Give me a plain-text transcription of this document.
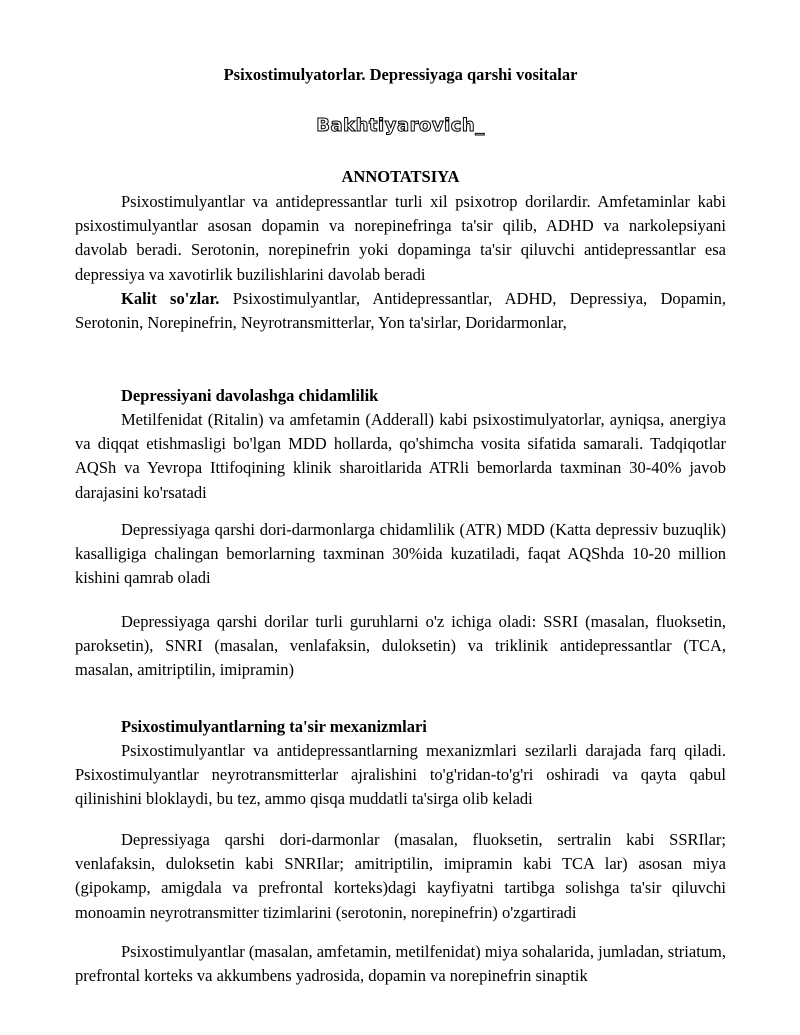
Psixostimulyatorlar. Depressiyaga qarshi vositalar
Bakhtiyarovich_
ANNOTATSIYA

Psixostimulyantlar va antidepressantlar turli xil psixotrop dorilardir. Amfetaminlar kabi psixostimulyantlar asosan dopamin va norepinefringa ta'sir qilib, ADHD va narkolepsiyani davolab beradi. Serotonin, norepinefrin yoki dopaminga ta'sir qiluvchi antidepressantlar esa depressiya va xavotirlik buzilishlarini davolab beradi

Kalit so'zlar. Psixostimulyantlar, Antidepressantlar, ADHD, Depressiya, Dopamin, Serotonin, Norepinefrin, Neyrotransmitterlar, Yon ta'sirlar, Doridarmonlar,

Depressiyani davolashga chidamlilik

Metilfenidat (Ritalin) va amfetamin (Adderall) kabi psixostimulyatorlar, ayniqsa, anergiya va diqqat etishmasligi bo'lgan MDD hollarda, qo'shimcha vosita sifatida samarali. Tadqiqotlar AQSh va Yevropa Ittifoqining klinik sharoitlarida ATRli bemorlarda taxminan 30-40% javob darajasini ko'rsatadi

Depressiyaga qarshi dori-darmonlarga chidamlilik (ATR) MDD (Katta depressiv buzuqlik) kasalligiga chalingan bemorlarning taxminan 30%ida kuzatiladi, faqat AQShda 10-20 million kishini qamrab oladi

Depressiyaga qarshi dorilar turli guruhlarni o'z ichiga oladi: SSRI (masalan, fluoksetin, paroksetin), SNRI (masalan, venlafaksin, duloksetin) va triklinik antidepressantlar (TCA, masalan, amitriptilin, imipramin)

Psixostimulyantlarning ta'sir mexanizmlari

Psixostimulyantlar va antidepressantlarning mexanizmlari sezilarli darajada farq qiladi. Psixostimulyantlar neyrotransmitterlar ajralishini to'g'ridan-to'g'ri oshiradi va qayta qabul qilinishini bloklaydi, bu tez, ammo qisqa muddatli ta'sirga olib keladi

Depressiyaga qarshi dori-darmonlar (masalan, fluoksetin, sertralin kabi SSRIlar; venlafaksin, duloksetin kabi SNRIlar; amitriptilin, imipramin kabi TCA lar) asosan miya (gipokamp, amigdala va prefrontal korteks)dagi kayfiyatni tartibga solishga ta'sir qiluvchi monoamin neyrotransmitter tizimlarini (serotonin, norepinefrin) o'zgartiradi

Psixostimulyantlar (masalan, amfetamin, metilfenidat) miya sohalarida, jumladan, striatum, prefrontal korteks va akkumbens yadrosida, dopamin va norepinefrin sinaptik
